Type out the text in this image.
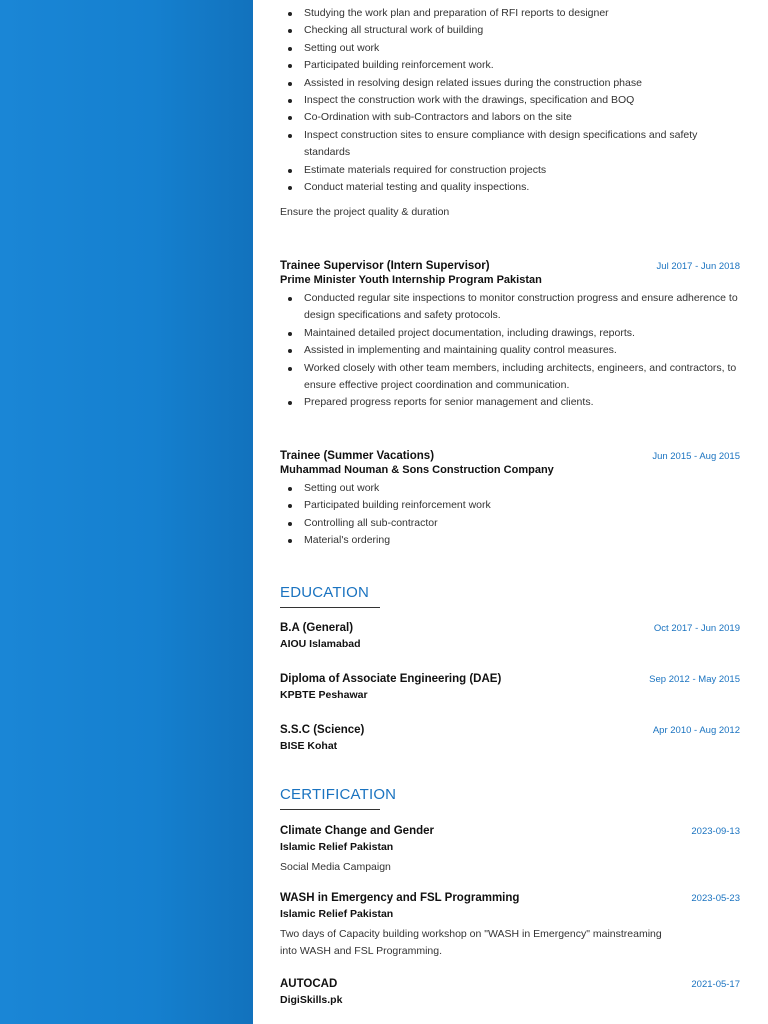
Studying the work plan and preparation of RFI reports to designer
Checking all structural work of building
Setting out work
Participated building reinforcement work.
Assisted in resolving design related issues during the construction phase
Inspect the construction work with the drawings, specification and BOQ
Co-Ordination with sub-Contractors and labors on the site
Inspect construction sites to ensure compliance with design specifications and safety standards
Estimate materials required for construction projects
Conduct material testing and quality inspections.
Ensure the project quality & duration
Trainee Supervisor (Intern Supervisor)	Jul 2017 - Jun 2018
Prime Minister Youth Internship Program Pakistan
Conducted regular site inspections to monitor construction progress and ensure adherence to design specifications and safety protocols.
Maintained detailed project documentation, including drawings, reports.
Assisted in implementing and maintaining quality control measures.
Worked closely with other team members, including architects, engineers, and contractors, to ensure effective project coordination and communication.
Prepared progress reports for senior management and clients.
Trainee (Summer Vacations)	Jun 2015 - Aug 2015
Muhammad Nouman & Sons Construction Company
Setting out work
Participated building reinforcement work
Controlling all sub-contractor
Material's ordering
EDUCATION
B.A (General)	Oct 2017 - Jun 2019
AIOU Islamabad
Diploma of Associate Engineering (DAE)	Sep 2012 - May 2015
KPBTE Peshawar
S.S.C (Science)	Apr 2010 - Aug 2012
BISE Kohat
CERTIFICATION
Climate Change and Gender	2023-09-13
Islamic Relief Pakistan
Social Media Campaign
WASH in Emergency and FSL Programming	2023-05-23
Islamic Relief Pakistan
Two days of Capacity building workshop on "WASH in Emergency" mainstreaming into WASH and FSL Programming.
AUTOCAD	2021-05-17
DigiSkills.pk
